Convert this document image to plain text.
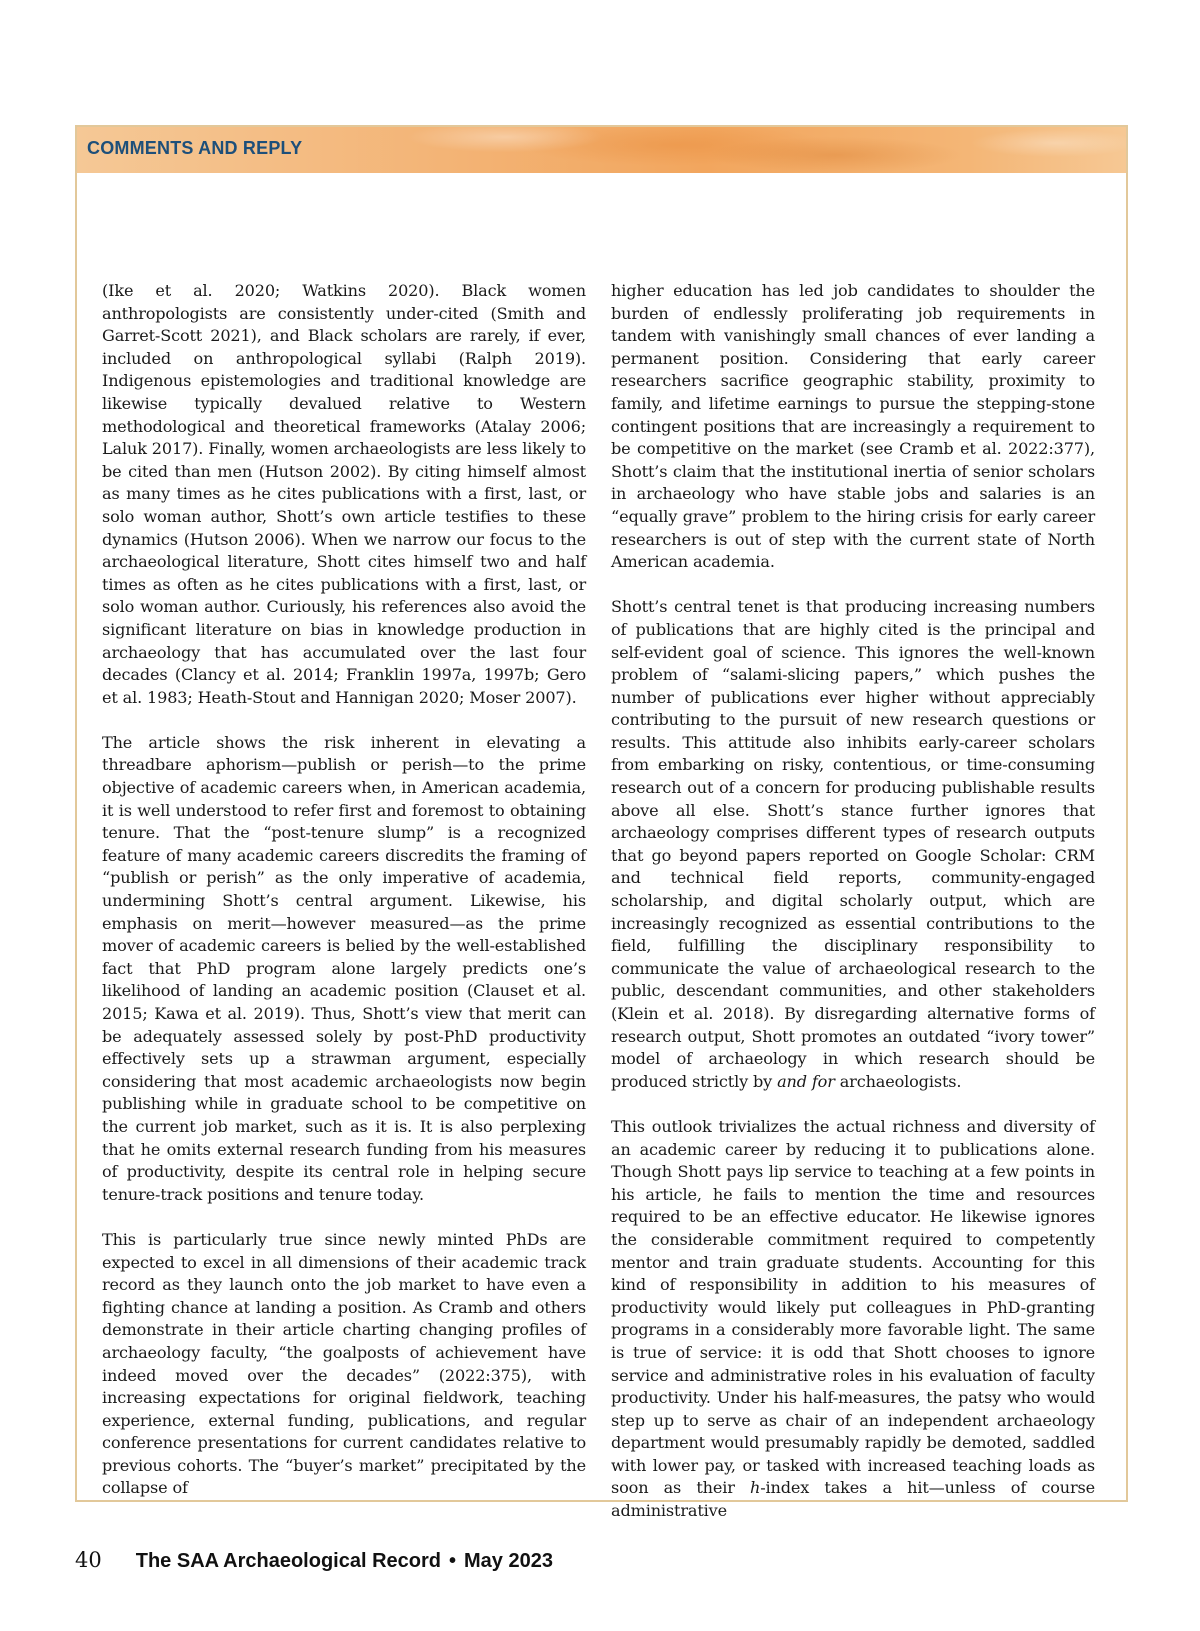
COMMENTS AND REPLY

(Ike et al. 2020; Watkins 2020). Black women anthropologists are consistently under-cited (Smith and Garret-Scott 2021), and Black scholars are rarely, if ever, included on anthropological syllabi (Ralph 2019). Indigenous epistemologies and traditional knowledge are likewise typically devalued relative to Western methodological and theoretical frameworks (Atalay 2006; Laluk 2017). Finally, women archaeologists are less likely to be cited than men (Hutson 2002). By citing himself almost as many times as he cites publications with a first, last, or solo woman author, Shott’s own article testifies to these dynamics (Hutson 2006). When we narrow our focus to the archaeological literature, Shott cites himself two and half times as often as he cites publications with a first, last, or solo woman author. Curiously, his references also avoid the significant literature on bias in knowledge production in archaeology that has accumulated over the last four decades (Clancy et al. 2014; Franklin 1997a, 1997b; Gero et al. 1983; Heath-Stout and Hannigan 2020; Moser 2007).

The article shows the risk inherent in elevating a threadbare aphorism—publish or perish—to the prime objective of academic careers when, in American academia, it is well understood to refer first and foremost to obtaining tenure. That the “post-tenure slump” is a recognized feature of many academic careers discredits the framing of “publish or perish” as the only imperative of academia, undermining Shott’s central argument. Likewise, his emphasis on merit—however measured—as the prime mover of academic careers is belied by the well-established fact that PhD program alone largely predicts one’s likelihood of landing an academic position (Clauset et al. 2015; Kawa et al. 2019). Thus, Shott’s view that merit can be adequately assessed solely by post-PhD productivity effectively sets up a strawman argument, especially considering that most academic archaeologists now begin publishing while in graduate school to be competitive on the current job market, such as it is. It is also perplexing that he omits external research funding from his measures of productivity, despite its central role in helping secure tenure-track positions and tenure today.

This is particularly true since newly minted PhDs are expected to excel in all dimensions of their academic track record as they launch onto the job market to have even a fighting chance at landing a position. As Cramb and others demonstrate in their article charting changing profiles of archaeology faculty, “the goalposts of achievement have indeed moved over the decades” (2022:375), with increasing expectations for original fieldwork, teaching experience, external funding, publications, and regular conference presentations for current candidates relative to previous cohorts. The “buyer’s market” precipitated by the collapse of

higher education has led job candidates to shoulder the burden of endlessly proliferating job requirements in tandem with vanishingly small chances of ever landing a permanent position. Considering that early career researchers sacrifice geographic stability, proximity to family, and lifetime earnings to pursue the stepping-stone contingent positions that are increasingly a requirement to be competitive on the market (see Cramb et al. 2022:377), Shott’s claim that the institutional inertia of senior scholars in archaeology who have stable jobs and salaries is an “equally grave” problem to the hiring crisis for early career researchers is out of step with the current state of North American academia.

Shott’s central tenet is that producing increasing numbers of publications that are highly cited is the principal and self-evident goal of science. This ignores the well-known problem of “salami-slicing papers,” which pushes the number of publications ever higher without appreciably contributing to the pursuit of new research questions or results. This attitude also inhibits early-career scholars from embarking on risky, contentious, or time-consuming research out of a concern for producing publishable results above all else. Shott’s stance further ignores that archaeology comprises different types of research outputs that go beyond papers reported on Google Scholar: CRM and technical field reports, community-engaged scholarship, and digital scholarly output, which are increasingly recognized as essential contributions to the field, fulfilling the disciplinary responsibility to communicate the value of archaeological research to the public, descendant communities, and other stakeholders (Klein et al. 2018). By disregarding alternative forms of research output, Shott promotes an outdated “ivory tower” model of archaeology in which research should be produced strictly by and for archaeologists.

This outlook trivializes the actual richness and diversity of an academic career by reducing it to publications alone. Though Shott pays lip service to teaching at a few points in his article, he fails to mention the time and resources required to be an effective educator. He likewise ignores the considerable commitment required to competently mentor and train graduate students. Accounting for this kind of responsibility in addition to his measures of productivity would likely put colleagues in PhD-granting programs in a considerably more favorable light. The same is true of service: it is odd that Shott chooses to ignore service and administrative roles in his evaluation of faculty productivity. Under his half-measures, the patsy who would step up to serve as chair of an independent archaeology department would presumably rapidly be demoted, saddled with lower pay, or tasked with increased teaching loads as soon as their h-index takes a hit—unless of course administrative

40 The SAA Archaeological Record • May 2023
